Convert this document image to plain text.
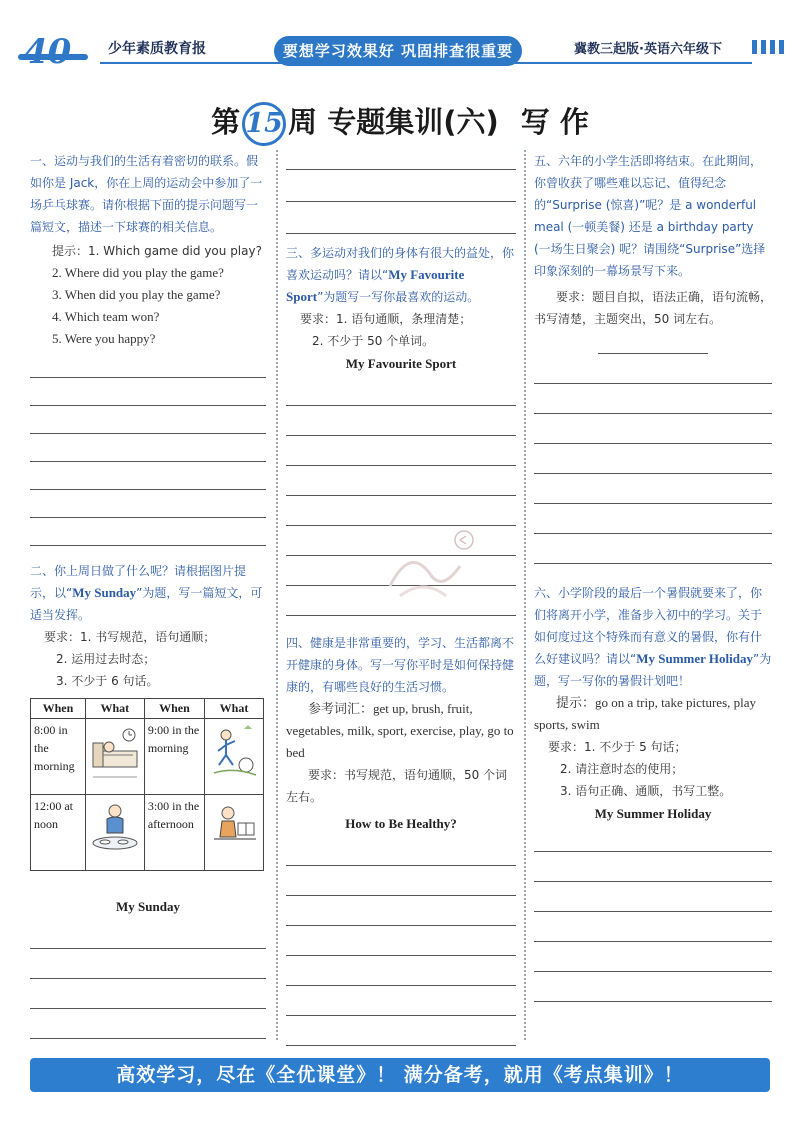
40	少年素质教育报	要想学习效果好 巩固排查很重要	冀教三起版·英语六年级下
第 15 周 专题集训(六) 写 作
一、运动与我们的生活有着密切的联系。假如你是 Jack，你在上周的运动会中参加了一场乒乓球赛。请你根据下面的提示问题写一篇短文，描述一下球赛的相关信息。
提示：1. Which game did you play?
2. Where did you play the game?
3. When did you play the game?
4. Which team won?
5. Were you happy?
二、你上周日做了什么呢？请根据图片提示，以“My Sunday”为题，写一篇短文，可适当发挥。
要求：1. 书写规范，语句通顺；
2. 运用过去时态；
3. 不少于 6 句话。
When	What	When	What
8:00 in the morning		9:00 in the morning	
12:00 at noon		3:00 in the afternoon	
My Sunday
三、多运动对我们的身体有很大的益处，你喜欢运动吗？请以“My Favourite Sport”为题写一写你最喜欢的运动。
要求：1. 语句通顺，条理清楚；
2. 不少于 50 个单词。
My Favourite Sport
四、健康是非常重要的，学习、生活都离不开健康的身体。写一写你平时是如何保持健康的，有哪些良好的生活习惯。
参考词汇：get up, brush, fruit, vegetables, milk, sport, exercise, play, go to bed
要求：书写规范，语句通顺，50 个词左右。
How to Be Healthy?
五、六年的小学生活即将结束。在此期间，你曾收获了哪些难以忘记、值得纪念的“Surprise (惊喜)”呢？是 a wonderful meal (一顿美餐) 还是 a birthday party (一场生日聚会) 呢？请围绕“Surprise”选择印象深刻的一幕场景写下来。
要求：题目自拟，语法正确，语句流畅，书写清楚，主题突出，50 词左右。
六、小学阶段的最后一个暑假就要来了，你们将离开小学，准备步入初中的学习。关于如何度过这个特殊而有意义的暑假，你有什么好建议吗？请以“My Summer Holiday”为题，写一写你的暑假计划吧！
提示：go on a trip, take pictures, play sports, swim
要求：1. 不少于 5 句话；
2. 请注意时态的使用；
3. 语句正确、通顺，书写工整。
My Summer Holiday
高效学习，尽在《全优课堂》！ 满分备考，就用《考点集训》！
